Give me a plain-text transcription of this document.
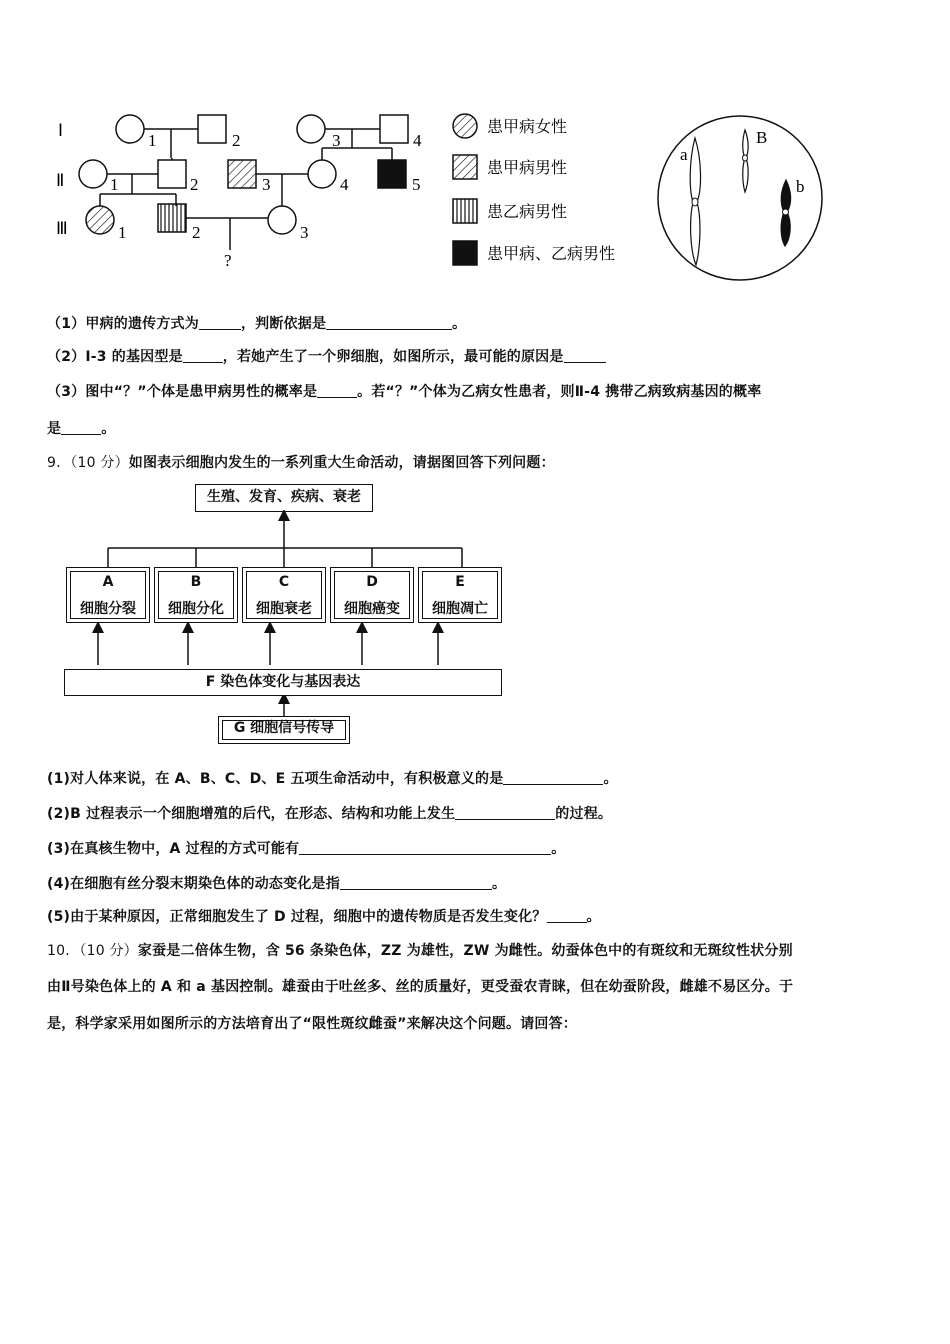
Ⅰ
Ⅱ
Ⅲ
1	2	3	4
1	2	3	4	5
1	2
?
3
患甲病女性
患甲病男性
患乙病男性
患甲病、乙病男性
a
B
b
（1）甲病的遗传方式为	，判断依据是	。
（2）Ⅰ-3 的基因型是	，若她产生了一个卵细胞，如图所示，最可能的原因是
（3）图中“？”个体是患甲病男性的概率是	。若“？”个体为乙病女性患者，则Ⅱ-4 携带乙病致病基因的概率
是	。
9．（10 分）如图表示细胞内发生的一系列重大生命活动，请据图回答下列问题：
生殖、发育、疾病、衰老
A
细胞分裂
B
细胞分化
C
细胞衰老
D
细胞癌变
E
细胞凋亡
F 染色体变化与基因表达
G 细胞信号传导
(1)对人体来说，在 A、B、C、D、E 五项生命活动中，有积极意义的是	。
(2)B 过程表示一个细胞增殖的后代，在形态、结构和功能上发生	的过程。
(3)在真核生物中，A 过程的方式可能有	。
(4)在细胞有丝分裂末期染色体的动态变化是指	。
(5)由于某种原因，正常细胞发生了 D 过程，细胞中的遗传物质是否发生变化？	。
10．（10 分）家蚕是二倍体生物，含 56 条染色体，ZZ 为雄性，ZW 为雌性。幼蚕体色中的有斑纹和无斑纹性状分别
由Ⅱ号染色体上的 A 和 a 基因控制。雄蚕由于吐丝多、丝的质量好，更受蚕农青睐，但在幼蚕阶段，雌雄不易区分。于
是，科学家采用如图所示的方法培育出了“限性斑纹雌蚕”来解决这个问题。请回答：
